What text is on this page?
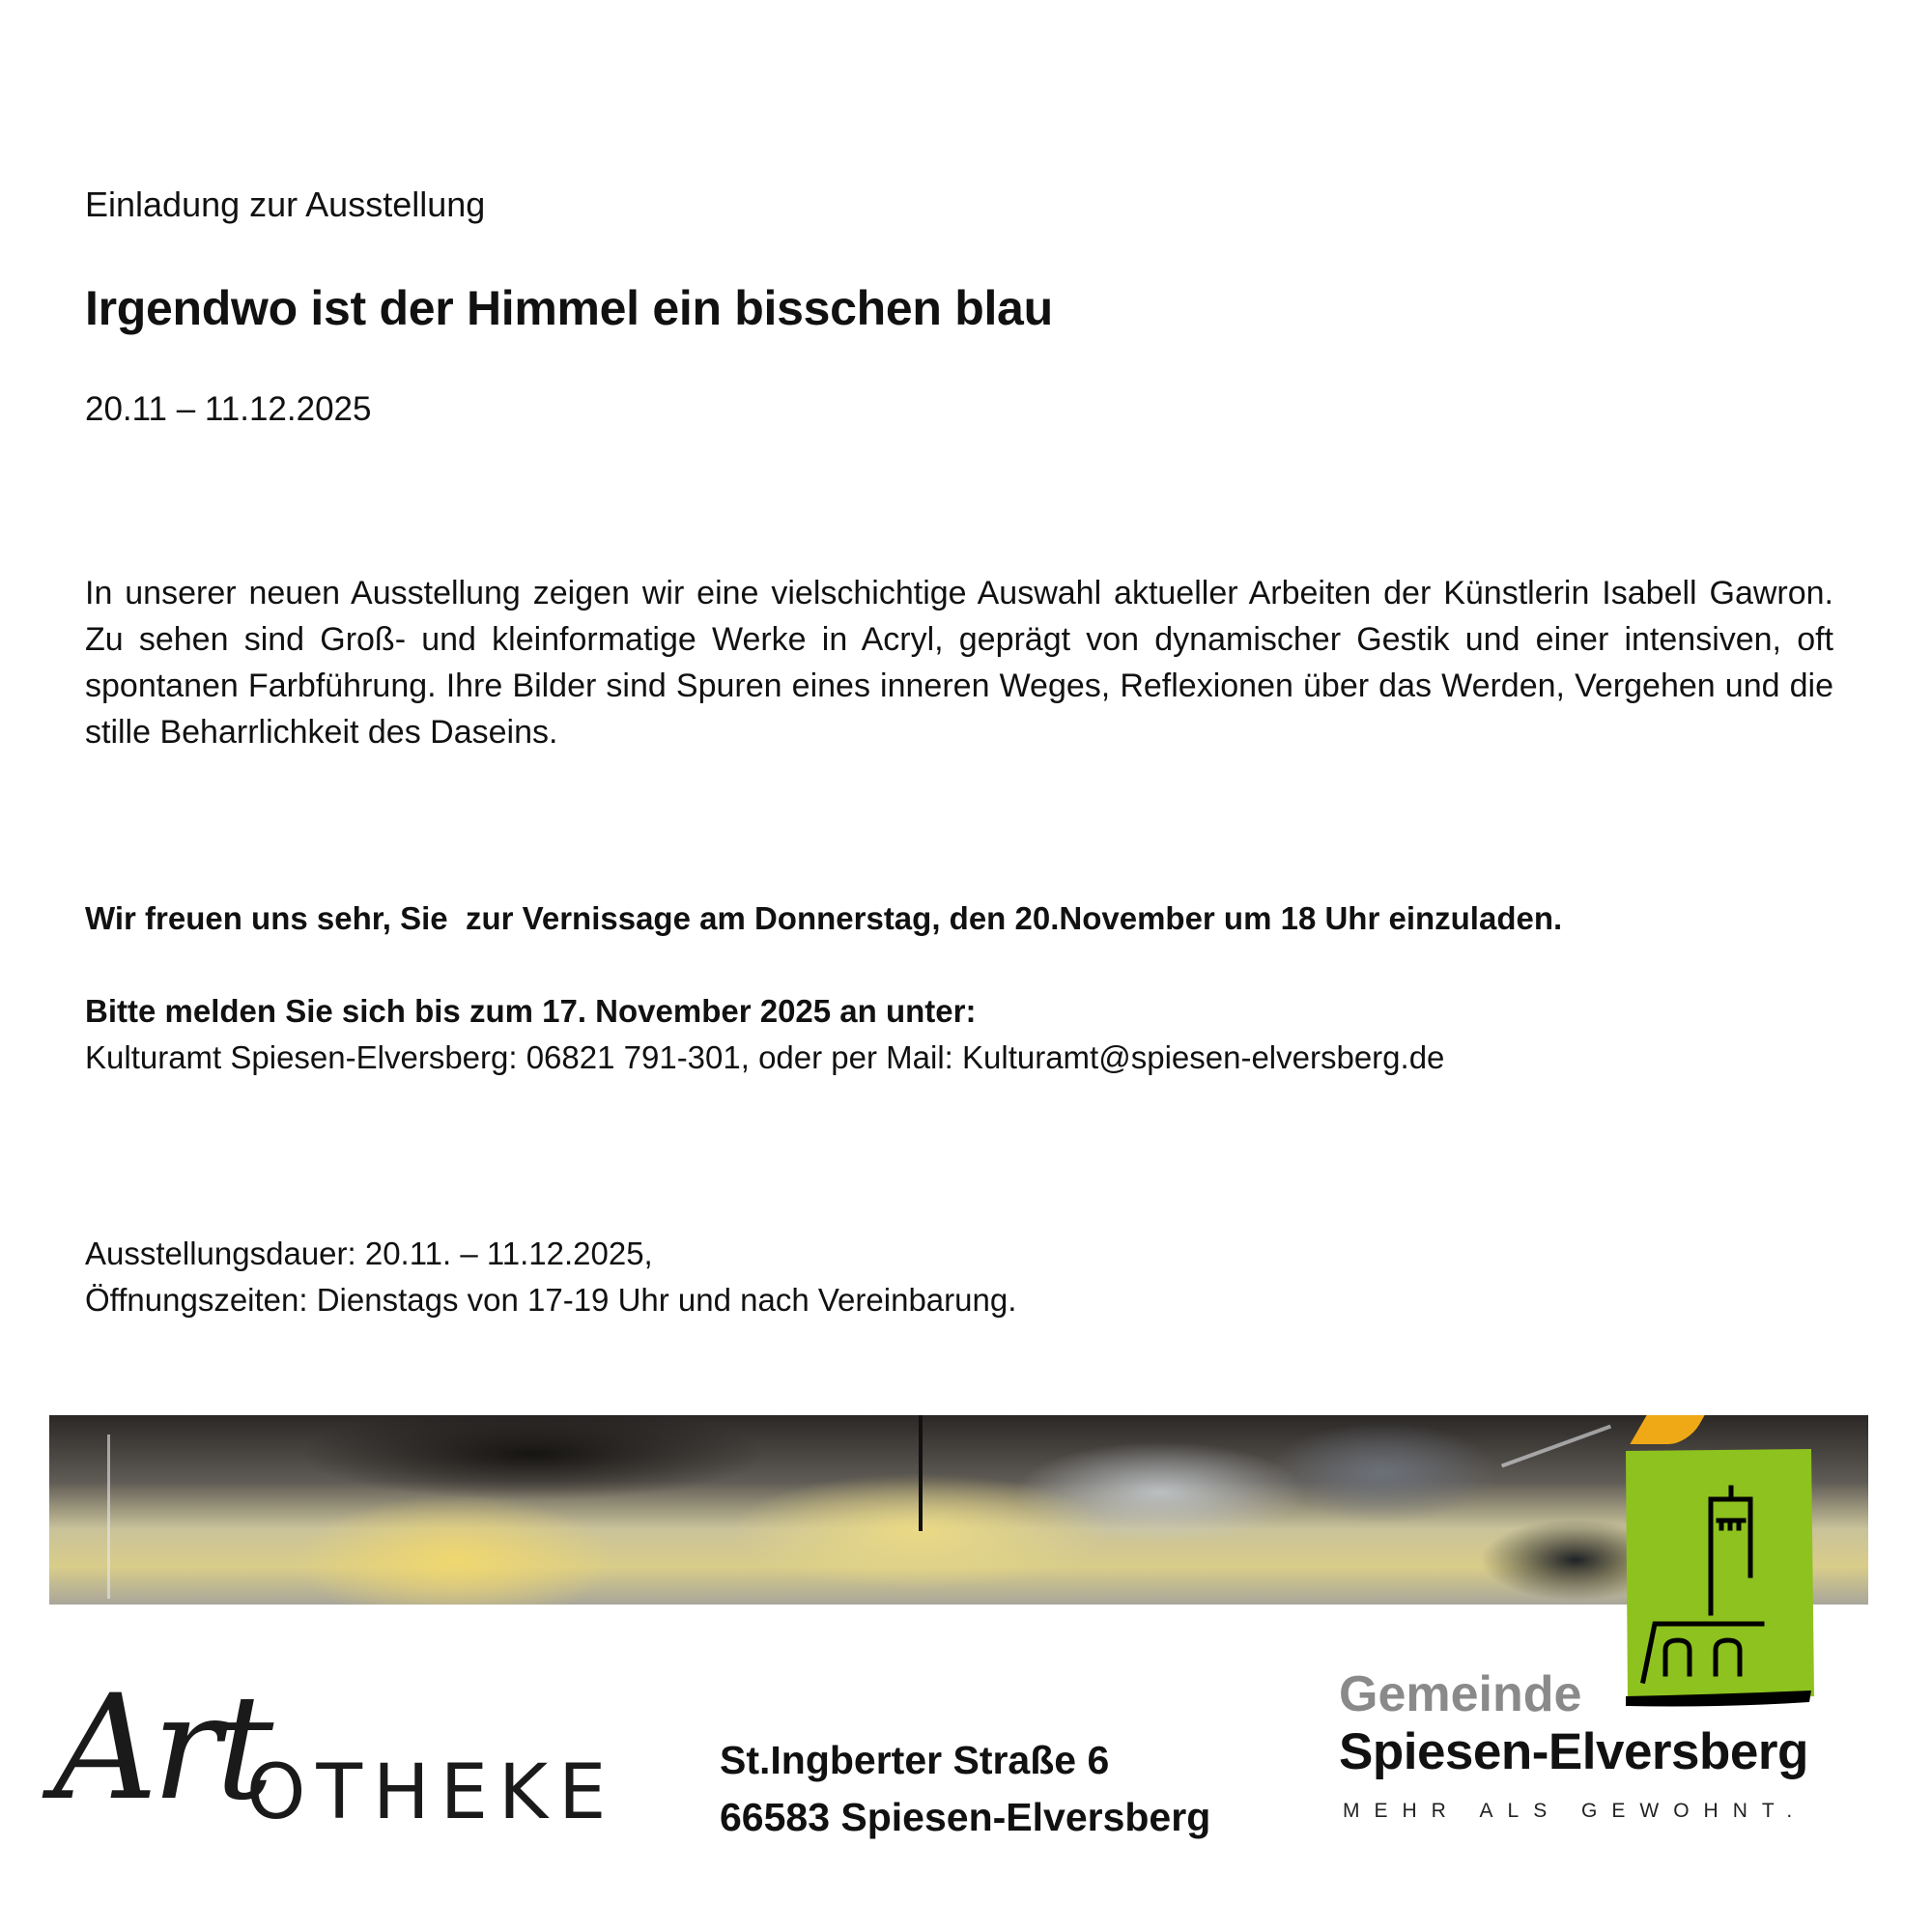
Einladung zur Ausstellung
Irgendwo ist der Himmel ein bisschen blau
20.11 – 11.12.2025

In unserer neuen Ausstellung zeigen wir eine vielschichtige Auswahl aktueller Arbeiten der Künstlerin Isabell Gawron. Zu sehen sind Groß- und kleinformatige Werke in Acryl, geprägt von dynamischer Gestik und einer intensiven, oft spontanen Farbführung. Ihre Bilder sind Spuren eines inneren Weges, Reflexionen über das Werden, Vergehen und die stille Beharrlichkeit des Daseins.

Wir freuen uns sehr, Sie  zur Vernissage am Donnerstag, den 20.November um 18 Uhr einzuladen.
Bitte melden Sie sich bis zum 17. November 2025 an unter:
Kulturamt Spiesen-Elversberg: 06821 791-301, oder per Mail: Kulturamt@spiesen-elversberg.de
Ausstellungsdauer: 20.11. – 11.12.2025,
Öffnungszeiten: Dienstags von 17-19 Uhr und nach Vereinbarung.
Art
OTHEKE	St.Ingberter Straße 6
66583 Spiesen-Elversberg
Gemeinde
Spiesen-Elversberg
MEHR ALS GEWOHNT.
